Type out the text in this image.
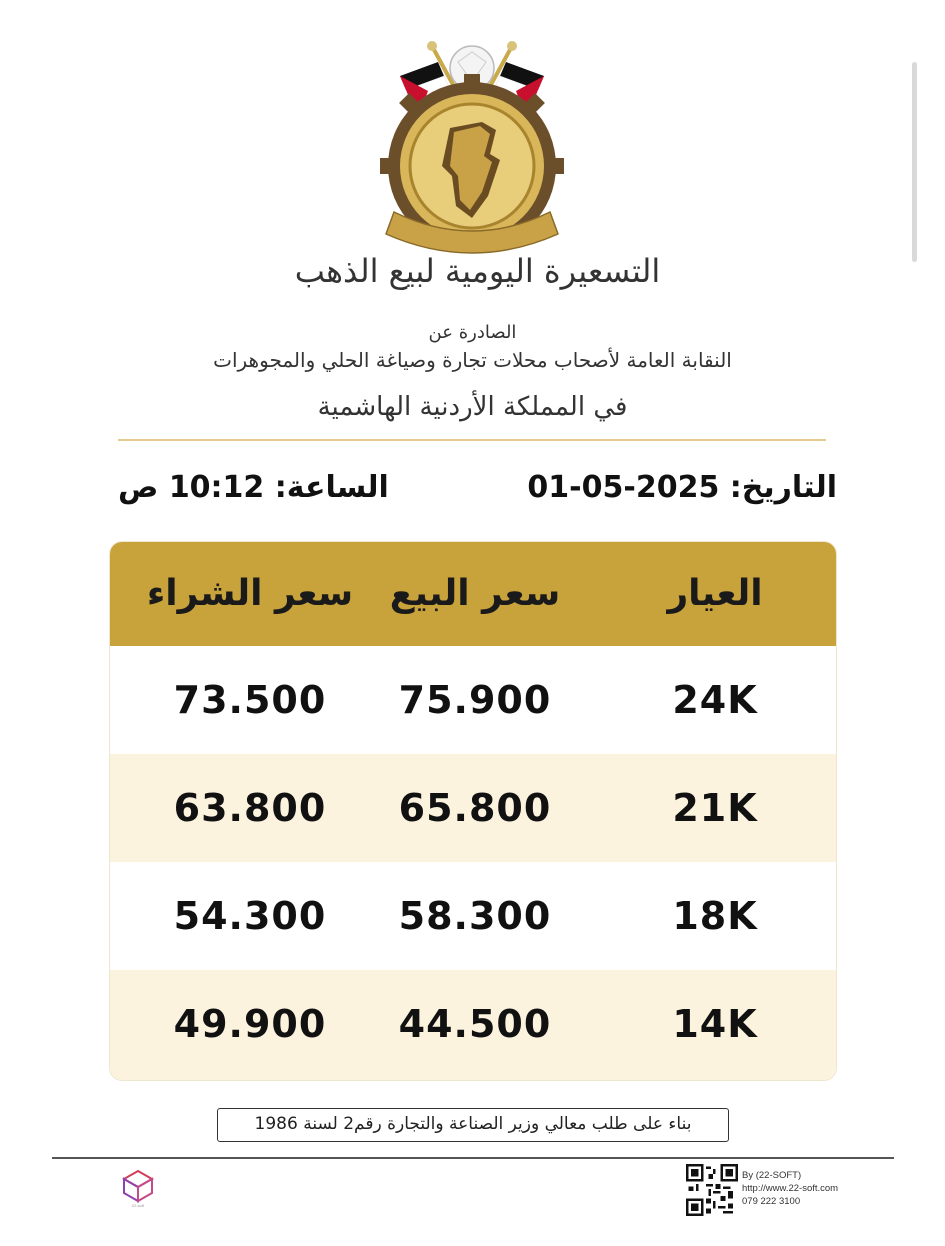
التسعيرة اليومية لبيع الذهب
الصادرة عن
النقابة العامة لأصحاب محلات تجارة وصياغة الحلي والمجوهرات
في المملكة الأردنية الهاشمية
التاريخ: 01-05-2025
الساعة: 10:12 ص
العيار
سعر البيع
سعر الشراء
24K
75.900
73.500
21K
65.800
63.800
18K
58.300
54.300
14K
44.500
49.900
بناء على طلب معالي وزير الصناعة والتجارة رقم2 لسنة 1986
22-soft
By (22-SOFT)
http://www.22-soft.com
079 222 3100
